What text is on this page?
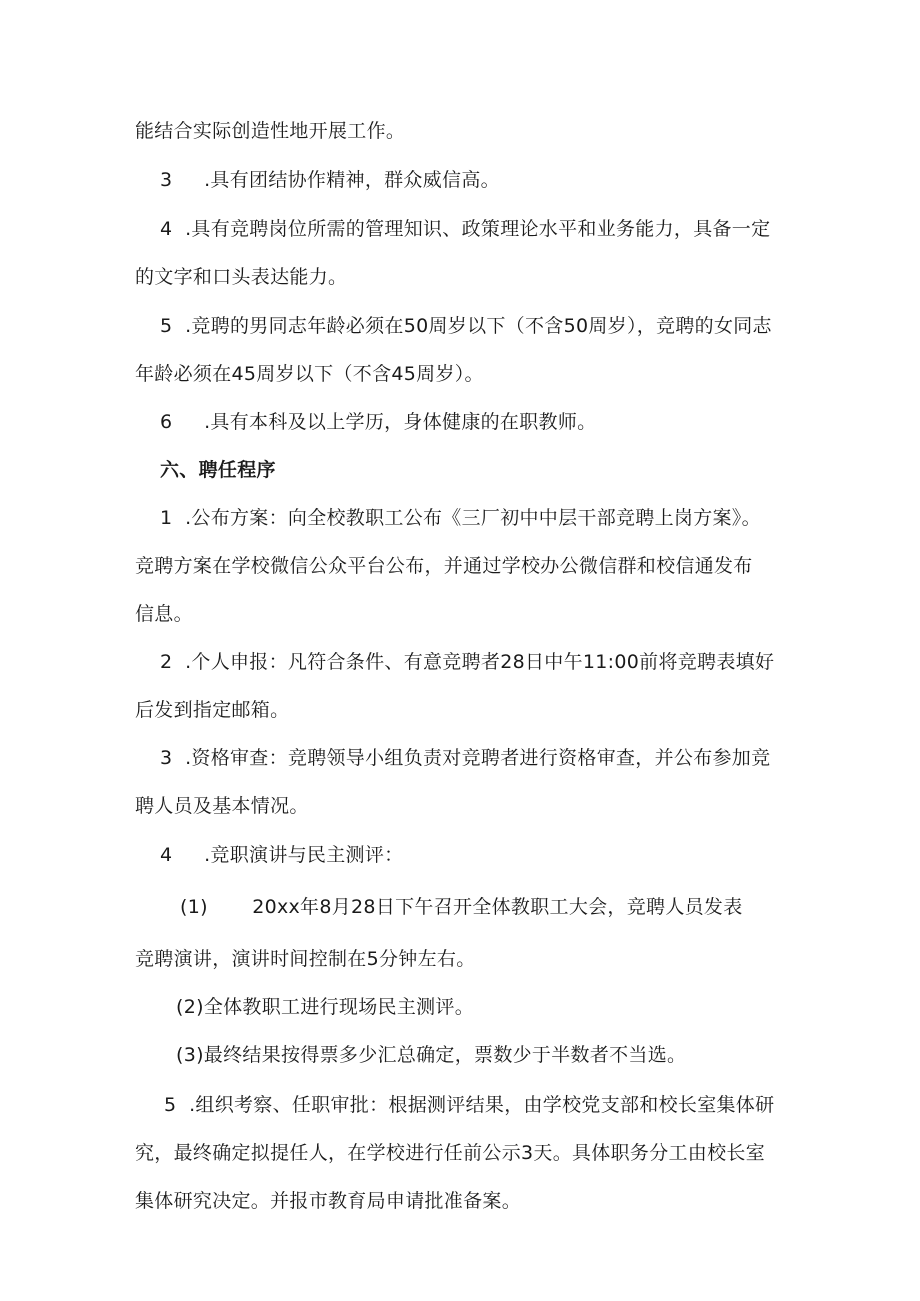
能结合实际创造性地开展工作。
3     .具有团结协作精神，群众威信高。
4  .具有竞聘岗位所需的管理知识、政策理论水平和业务能力，具备一定
的文字和口头表达能力。
5  .竞聘的男同志年龄必须在50周岁以下（不含50周岁），竞聘的女同志
年龄必须在45周岁以下（不含45周岁）。
6     .具有本科及以上学历，身体健康的在职教师。
六、聘任程序
1  .公布方案：向全校教职工公布《三厂初中中层干部竞聘上岗方案》。
竞聘方案在学校微信公众平台公布，并通过学校办公微信群和校信通发布
信息。
2  .个人申报：凡符合条件、有意竞聘者28日中午11:00前将竞聘表填好
后发到指定邮箱。
3  .资格审查：竞聘领导小组负责对竞聘者进行资格审查，并公布参加竞
聘人员及基本情况。
4     .竞职演讲与民主测评：
(1)       20xx年8月28日下午召开全体教职工大会，竞聘人员发表
竞聘演讲，演讲时间控制在5分钟左右。
(2)全体教职工进行现场民主测评。
(3)最终结果按得票多少汇总确定，票数少于半数者不当选。
5  .组织考察、任职审批：根据测评结果，由学校党支部和校长室集体研
究，最终确定拟提任人，在学校进行任前公示3天。具体职务分工由校长室
集体研究决定。并报市教育局申请批准备案。
